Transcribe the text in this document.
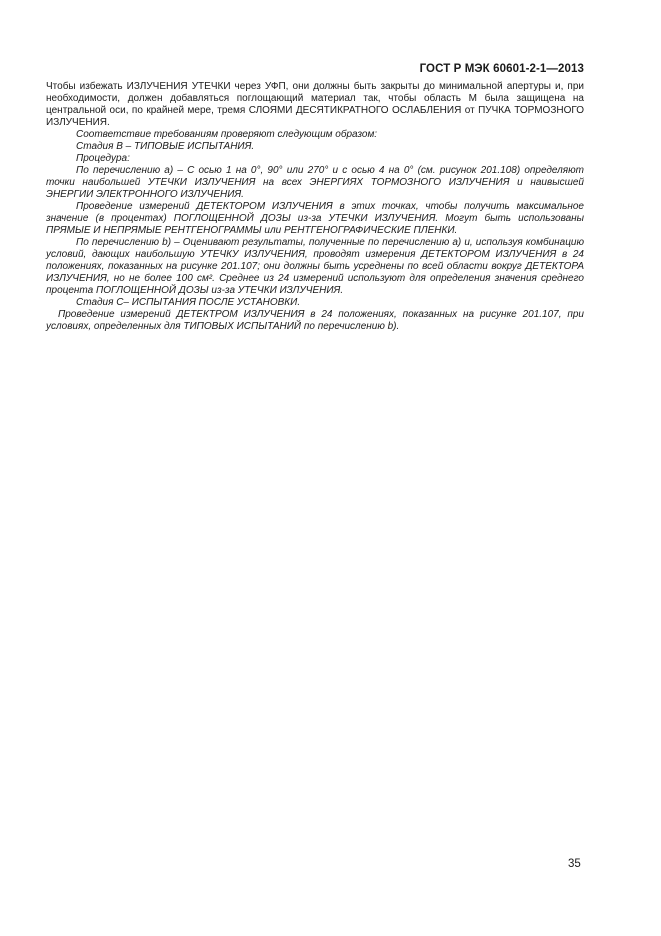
ГОСТ Р МЭК 60601-2-1—2013

Чтобы избежать ИЗЛУЧЕНИЯ УТЕЧКИ через УФП, они должны быть закрыты до минимальной апертуры и, при необходимости, должен добавляться поглощающий материал так, чтобы область M была защищена на центральной оси, по крайней мере, тремя СЛОЯМИ ДЕСЯТИКРАТНОГО ОСЛАБЛЕНИЯ от ПУЧКА ТОРМОЗНОГО ИЗЛУЧЕНИЯ.

Соответствие требованиям проверяют следующим образом:

Стадия В – ТИПОВЫЕ ИСПЫТАНИЯ.

Процедура:

По перечислению а) – С осью 1 на 0°, 90° или 270° и с осью 4 на 0° (см. рисунок 201.108) определяют точки наибольшей УТЕЧКИ ИЗЛУЧЕНИЯ на всех ЭНЕРГИЯХ ТОРМОЗНОГО ИЗЛУЧЕНИЯ и наивысшей ЭНЕРГИИ ЭЛЕКТРОННОГО ИЗЛУЧЕНИЯ.

Проведение измерений ДЕТЕКТОРОМ ИЗЛУЧЕНИЯ в этих точках, чтобы получить максимальное значение (в процентах) ПОГЛОЩЕННОЙ ДОЗЫ из-за УТЕЧКИ ИЗЛУЧЕНИЯ. Могут быть использованы ПРЯМЫЕ И НЕПРЯМЫЕ РЕНТГЕНОГРАММЫ или РЕНТГЕНОГРАФИЧЕСКИЕ ПЛЕНКИ.

По перечислению b) – Оцениваюm результаты, полученные по перечислению а) и, используя комбинацию условий, дающих наибольшую УТЕЧКУ ИЗЛУЧЕНИЯ, проводят измерения ДЕТЕКТОРОМ ИЗЛУЧЕНИЯ в 24 положениях, показанных на рисунке 201.107; они должны быть усреднены по всей области вокруг ДЕТЕКТОРА ИЗЛУЧЕНИЯ, но не более 100 см². Среднее из 24 измерений используют для определения значения среднего процента ПОГЛОЩЕННОЙ ДОЗЫ из-за УТЕЧКИ ИЗЛУЧЕНИЯ.

Стадия С– ИСПЫТАНИЯ ПОСЛЕ УСТАНОВКИ.

Проведение измерений ДЕТЕКТРОМ ИЗЛУЧЕНИЯ в 24 положениях, показанных на рисунке 201.107, при условиях, определенных для ТИПОВЫХ ИСПЫТАНИЙ по перечислению b).

35
